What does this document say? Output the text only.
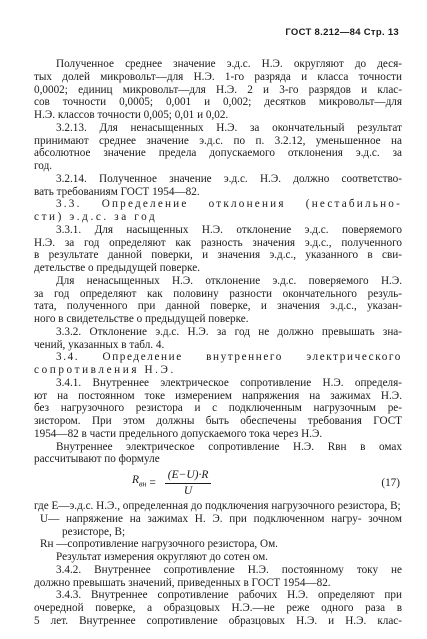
ГОСТ 8.212—84 Стр. 13
Полученное среднее значение э.д.с. Н.Э. округляют до деся-
тых долей микровольт—для Н.Э. 1-го разряда и класса точности
0,0002; единиц микровольт—для Н.Э. 2 и 3-го разрядов и клас-
сов точности 0,0005; 0,001 и 0,002; десятков микровольт—для
Н.Э. классов точности 0,005; 0,01 и 0,02.
3.2.13. Для ненасыщенных Н.Э. за окончательный результат
принимают среднее значение э.д.с. по п. 3.2.12, уменьшенное на
абсолютное значение предела допускаемого отклонения э.д.с. за
год.
3.2.14. Полученное значение э.д.с. Н.Э. должно соответство-
вать требованиям ГОСТ 1954—82.
3.3. Определение отклонения (нестабильно-
сти) э.д.с. за год
3.3.1. Для насыщенных Н.Э. отклонение э.д.с. поверяемого
Н.Э. за год определяют как разность значения э.д.с., полученного
в результате данной поверки, и значения э.д.с., указанного в сви-
детельстве о предыдущей поверке.
Для ненасыщенных Н.Э. отклонение э.д.с. поверяемого Н.Э.
за год определяют как половину разности окончательного резуль-
тата, полученного при данной поверке, и значения э.д.с., указан-
ного в свидетельстве о предыдущей поверке.
3.3.2. Отклонение э.д.с. Н.Э. за год не должно превышать зна-
чений, указанных в табл. 4.
3.4. Определение внутреннего электрического
сопротивления Н.Э.
3.4.1. Внутреннее электрическое сопротивление Н.Э. определя-
ют на постоянном токе измерением напряжения на зажимах Н.Э.
без нагрузочного резистора и с подключенным нагрузочным ре-
зистором. При этом должны быть обеспечены требования ГОСТ
1954—82 в части предельного допускаемого тока через Н.Э.
Внутреннее электрическое сопротивление Н.Э. Rвн в омах
рассчитывают по формуле
$R_{вн} = \frac{(E-U)\cdot R}{U}$	(17)
где E—э.д.с. Н.Э., определенная до подключения нагрузочного резистора, В;
U— напряжение на зажимах Н. Э. при подключенном нагру- зочном резисторе, В;
Rн —сопротивление нагрузочного резистора, Ом.
Результат измерения округляют до сотен ом.
3.4.2. Внутреннее сопротивление Н.Э. постоянному току не
должно превышать значений, приведенных в ГОСТ 1954—82.
3.4.3. Внутреннее сопротивление рабочих Н.Э. определяют при
очередной поверке, а образцовых Н.Э.—не реже одного раза в
5 лет. Внутреннее сопротивление образцовых Н.Э. и Н.Э. клас-
